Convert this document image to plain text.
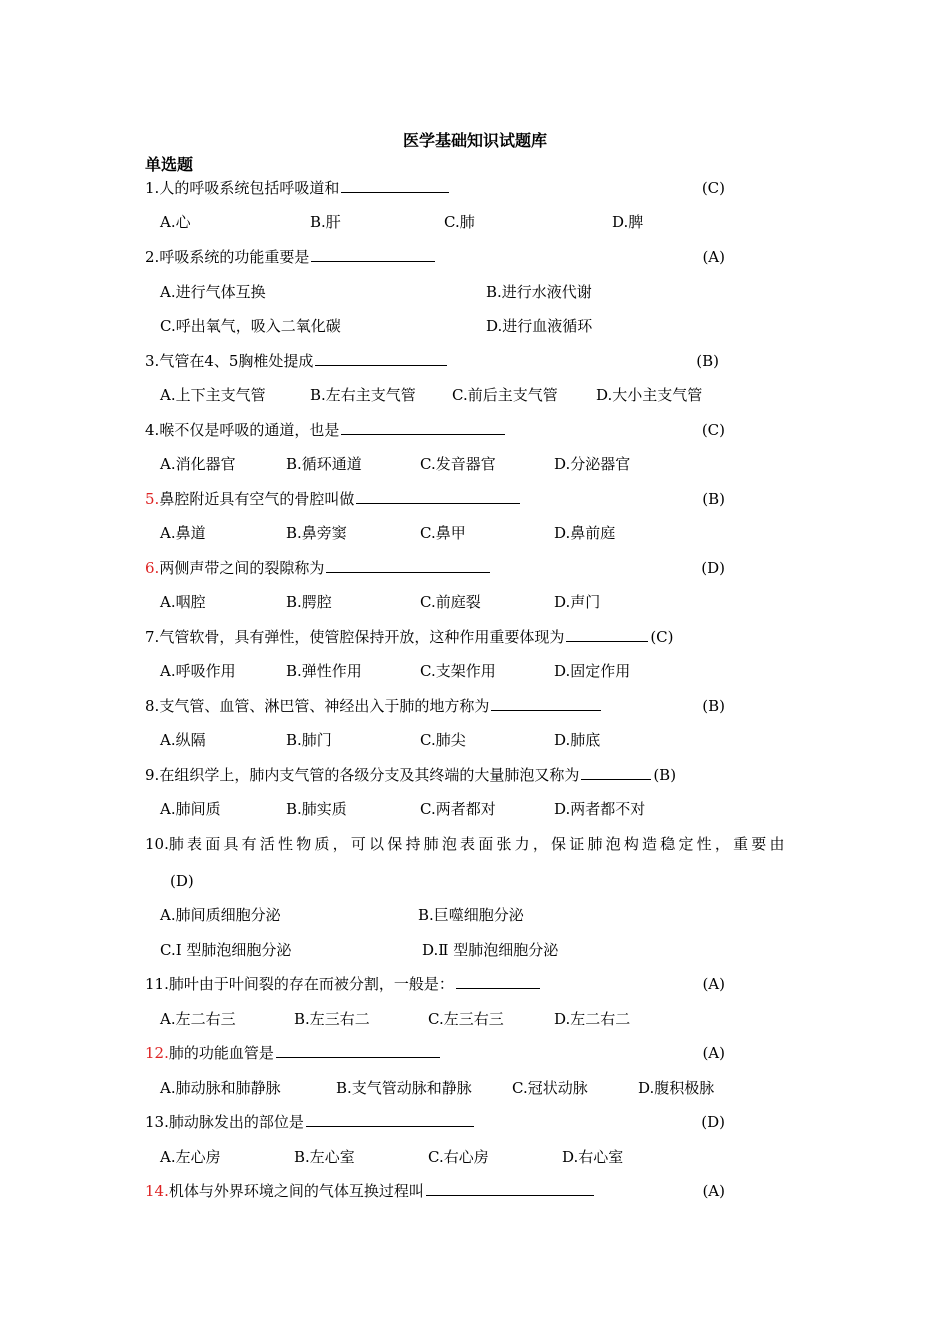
医学基础知识试题库
单选题
1.人的呼吸系统包括呼吸道和	(C)
A.心	B.肝	C.肺	D.脾
2.呼吸系统的功能重要是	(A)
A.进行气体互换	B.进行水液代谢
C.呼出氧气，吸入二氧化碳	D.进行血液循环
3.气管在4、5胸椎处提成	(B)
A.上下主支气管	B.左右主支气管 C.前后主支气管	D.大小主支气管
4.喉不仅是呼吸的通道，也是	(C)
A.消化器官	B.循环通道	C.发音器官	D.分泌器官
5.鼻腔附近具有空气的骨腔叫做	(B)
A.鼻道	B.鼻旁窦	C.鼻甲	D.鼻前庭
6.两侧声带之间的裂隙称为	(D)
A.咽腔	B.腭腔	C.前庭裂	D.声门
7.气管软骨，具有弹性，使管腔保持开放，这种作用重要体现为	(C)
A.呼吸作用	B.弹性作用	C.支架作用	D.固定作用
8.支气管、血管、淋巴管、神经出入于肺的地方称为	(B)
A.纵隔	B.肺门	C.肺尖	D.肺底
9.在组织学上，肺内支气管的各级分支及其终端的大量肺泡又称为	(B)
A.肺间质	B.肺实质	C.两者都对	D.两者都不对
10.肺表面具有活性物质，可以保持肺泡表面张力，保证肺泡构造稳定性，重要由
(D)
A.肺间质细胞分泌	B.巨噬细胞分泌
C.Ⅰ 型肺泡细胞分泌	D.Ⅱ 型肺泡细胞分泌
11.肺叶由于叶间裂的存在而被分割，一般是：	(A)
A.左二右三	B.左三右二	C.左三右三	D.左二右二
12.肺的功能血管是	(A)
A.肺动脉和肺静脉	B.支气管动脉和静脉	C.冠状动脉	D.腹积极脉
13.肺动脉发出的部位是	(D)
A.左心房	B.左心室	C.右心房	D.右心室
14.机体与外界环境之间的气体互换过程叫	(A)
